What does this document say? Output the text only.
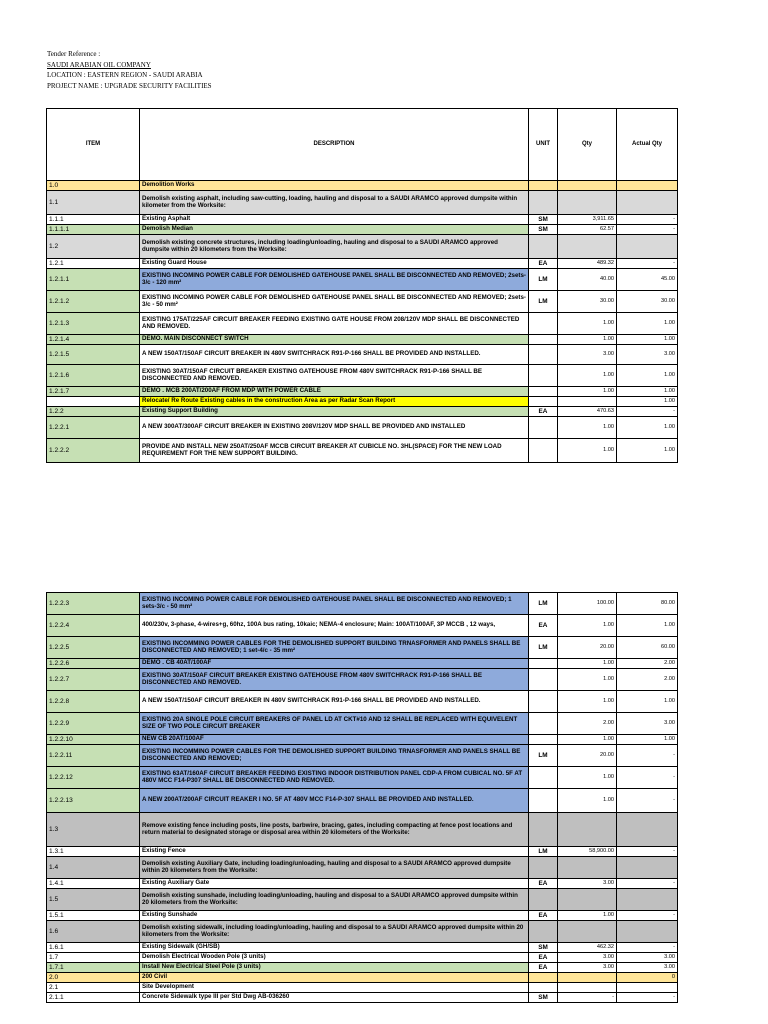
Tender Reference :
SAUDI ARABIAN OIL COMPANY
LOCATION : EASTERN REGION - SAUDI ARABIA
PROJECT NAME : UPGRADE SECURITY FACILITIES
ITEM	DESCRIPTION	UNIT	Qty	Actual Qty
1.0	Demolition Works			
1.1	Demolish existing asphalt, including saw-cutting, loading, hauling and disposal to a SAUDI ARAMCO approved dumpsite within kilometer from the Worksite:			
1.1.1	Existing Asphalt	SM	3,911.65	-
1.1.1.1	Demolish Median	SM	62.57	-
1.2	Demolish existing concrete structures, including loading/unloading, hauling and disposal to a SAUDI ARAMCO approved dumpsite within 20 kilometers from the Worksite:			
1.2.1	Existing Guard House	EA	489.32	-
1.2.1.1	EXISTING INCOMING POWER CABLE FOR DEMOLISHED GATEHOUSE PANEL SHALL BE DISCONNECTED AND REMOVED; 2sets-3/c - 120 mm²	LM	40.00	45.00
1.2.1.2	EXISTING INCOMING POWER CABLE FOR DEMOLISHED GATEHOUSE PANEL SHALL BE DISCONNECTED AND REMOVED; 2sets-3/c - 50 mm²	LM	30.00	30.00
1.2.1.3	EXISTING 175AT/225AF CIRCUIT BREAKER FEEDING EXISTING GATE HOUSE FROM 208/120V MDP SHALL BE DISCONNECTED AND REMOVED.		1.00	1.00
1.2.1.4	DEMO. MAIN DISCONNECT SWITCH		1.00	1.00
1.2.1.5	A NEW 150AT/150AF CIRCUIT BREAKER IN 480V SWITCHRACK R91-P-166 SHALL BE PROVIDED AND INSTALLED.		3.00	3.00
1.2.1.6	EXISTING 30AT/150AF CIRCUIT BREAKER EXISTING GATEHOUSE FROM 480V SWITCHRACK R91-P-166 SHALL BE DISCONNECTED AND REMOVED.		1.00	1.00
1.2.1.7	DEMO . MCB 200AT/200AF FROM MDP WITH POWER CABLE		1.00	1.00
	Relocate/ Re Route Existing cables in the construction Area as per Radar Scan Report			1.00
1.2.2	Existing Support Building	EA	470.63	-
1.2.2.1	A NEW 300AT/300AF CIRCUIT BREAKER IN EXISTING 208V/120V MDP SHALL BE PROVIDED AND INSTALLED		1.00	1.00
1.2.2.2	PROVIDE AND INSTALL NEW 250AT/250AF MCCB CIRCUIT BREAKER AT CUBICLE NO. 3HL(SPACE) FOR THE NEW LOAD REQUIREMENT FOR THE NEW SUPPORT BUILDING.		1.00	1.00
1.2.2.3	EXISTING INCOMING POWER CABLE FOR DEMOLISHED GATEHOUSE PANEL SHALL BE DISCONNECTED AND REMOVED; 1 sets-3/c - 50 mm²	LM	100.00	80.00
1.2.2.4	400/230v, 3-phase, 4-wires+g, 60hz, 100A bus rating, 10kaic; NEMA-4 enclosure; Main: 100AT/100AF, 3P MCCB , 12 ways,	EA	1.00	1.00
1.2.2.5	EXISTING INCOMMING POWER CABLES FOR THE DEMOLISHED SUPPORT BUILDING TRNASFORMER AND PANELS SHALL BE DISCONNECTED AND REMOVED; 1 set-4/c - 35 mm²	LM	20.00	60.00
1.2.2.6	DEMO . CB 40AT/100AF		1.00	2.00
1.2.2.7	EXISTING 30AT/150AF CIRCUIT BREAKER EXISTING GATEHOUSE FROM 480V SWITCHRACK R91-P-166 SHALL BE DISCONNECTED AND REMOVED.		1.00	2.00
1.2.2.8	A NEW 150AT/150AF CIRCUIT BREAKER IN 480V SWITCHRACK R91-P-166 SHALL BE PROVIDED AND INSTALLED.		1.00	1.00
1.2.2.9	EXISTING 20A SINGLE POLE CIRCUIT BREAKERS OF PANEL LD AT CKT#10 AND 12 SHALL BE REPLACED WITH EQUIVELENT SIZE OF TWO POLE CIRCUIT BREAKER		2.00	3.00
1.2.2.10	NEW CB 20AT/100AF		1.00	1.00
1.2.2.11	EXISTING INCOMMING POWER CABLES FOR THE DEMOLISHED SUPPORT BUILDING TRNASFORMER AND PANELS SHALL BE DISCONNECTED AND REMOVED;	LM	20.00	-
1.2.2.12	EXISTING 63AT/160AF CIRCUIT BREAKER FEEDING EXISTING INDOOR DISTRIBUTION PANEL CDP-A FROM CUBICAL NO. 5F AT 480V MCC F14-P307 SHALL BE DISCONNECTED AND REMOVED.		1.00	-
1.2.2.13	A NEW 200AT/200AF CIRCUIT REAKER I NO. 5F AT 480V MCC F14-P-307 SHALL BE PROVIDED AND INSTALLED.		1.00	-
1.3	Remove existing fence including posts, line posts, barbwire, bracing, gates, including compacting at fence post locations and return material to designated storage or disposal area within 20 kilometers of the Worksite:			
1.3.1	Existing Fence	LM	58,900.00	-
1.4	Demolish existing Auxiliary Gate, including loading/unloading, hauling and disposal to a SAUDI ARAMCO approved dumpsite within 20 kilometers from the Worksite:			
1.4.1	Existing Auxiliary Gate	EA	3.00	-
1.5	Demolish existing sunshade, including loading/unloading, hauling and disposal to a SAUDI ARAMCO approved dumpsite within 20 kilometers from the Worksite:			
1.5.1	Existing Sunshade	EA	1.00	-
1.6	Demolish existing sidewalk, including loading/unloading, hauling and disposal to a SAUDI ARAMCO approved dumpsite within 20 kilometers from the Worksite:			
1.6.1	Existing Sidewalk (GH/SB)	SM	462.32	-
1.7	Demolish Electrical Wooden Pole (3 units)	EA	3.00	3.00
1.7.1	Install New Electrical Steel Pole (3 units)	EA	3.00	3.00
2.0	200 Civil			0
2.1	Site Development			
2.1.1	Concrete Sidewalk type III per Std Dwg AB-036260	SM	-	-
